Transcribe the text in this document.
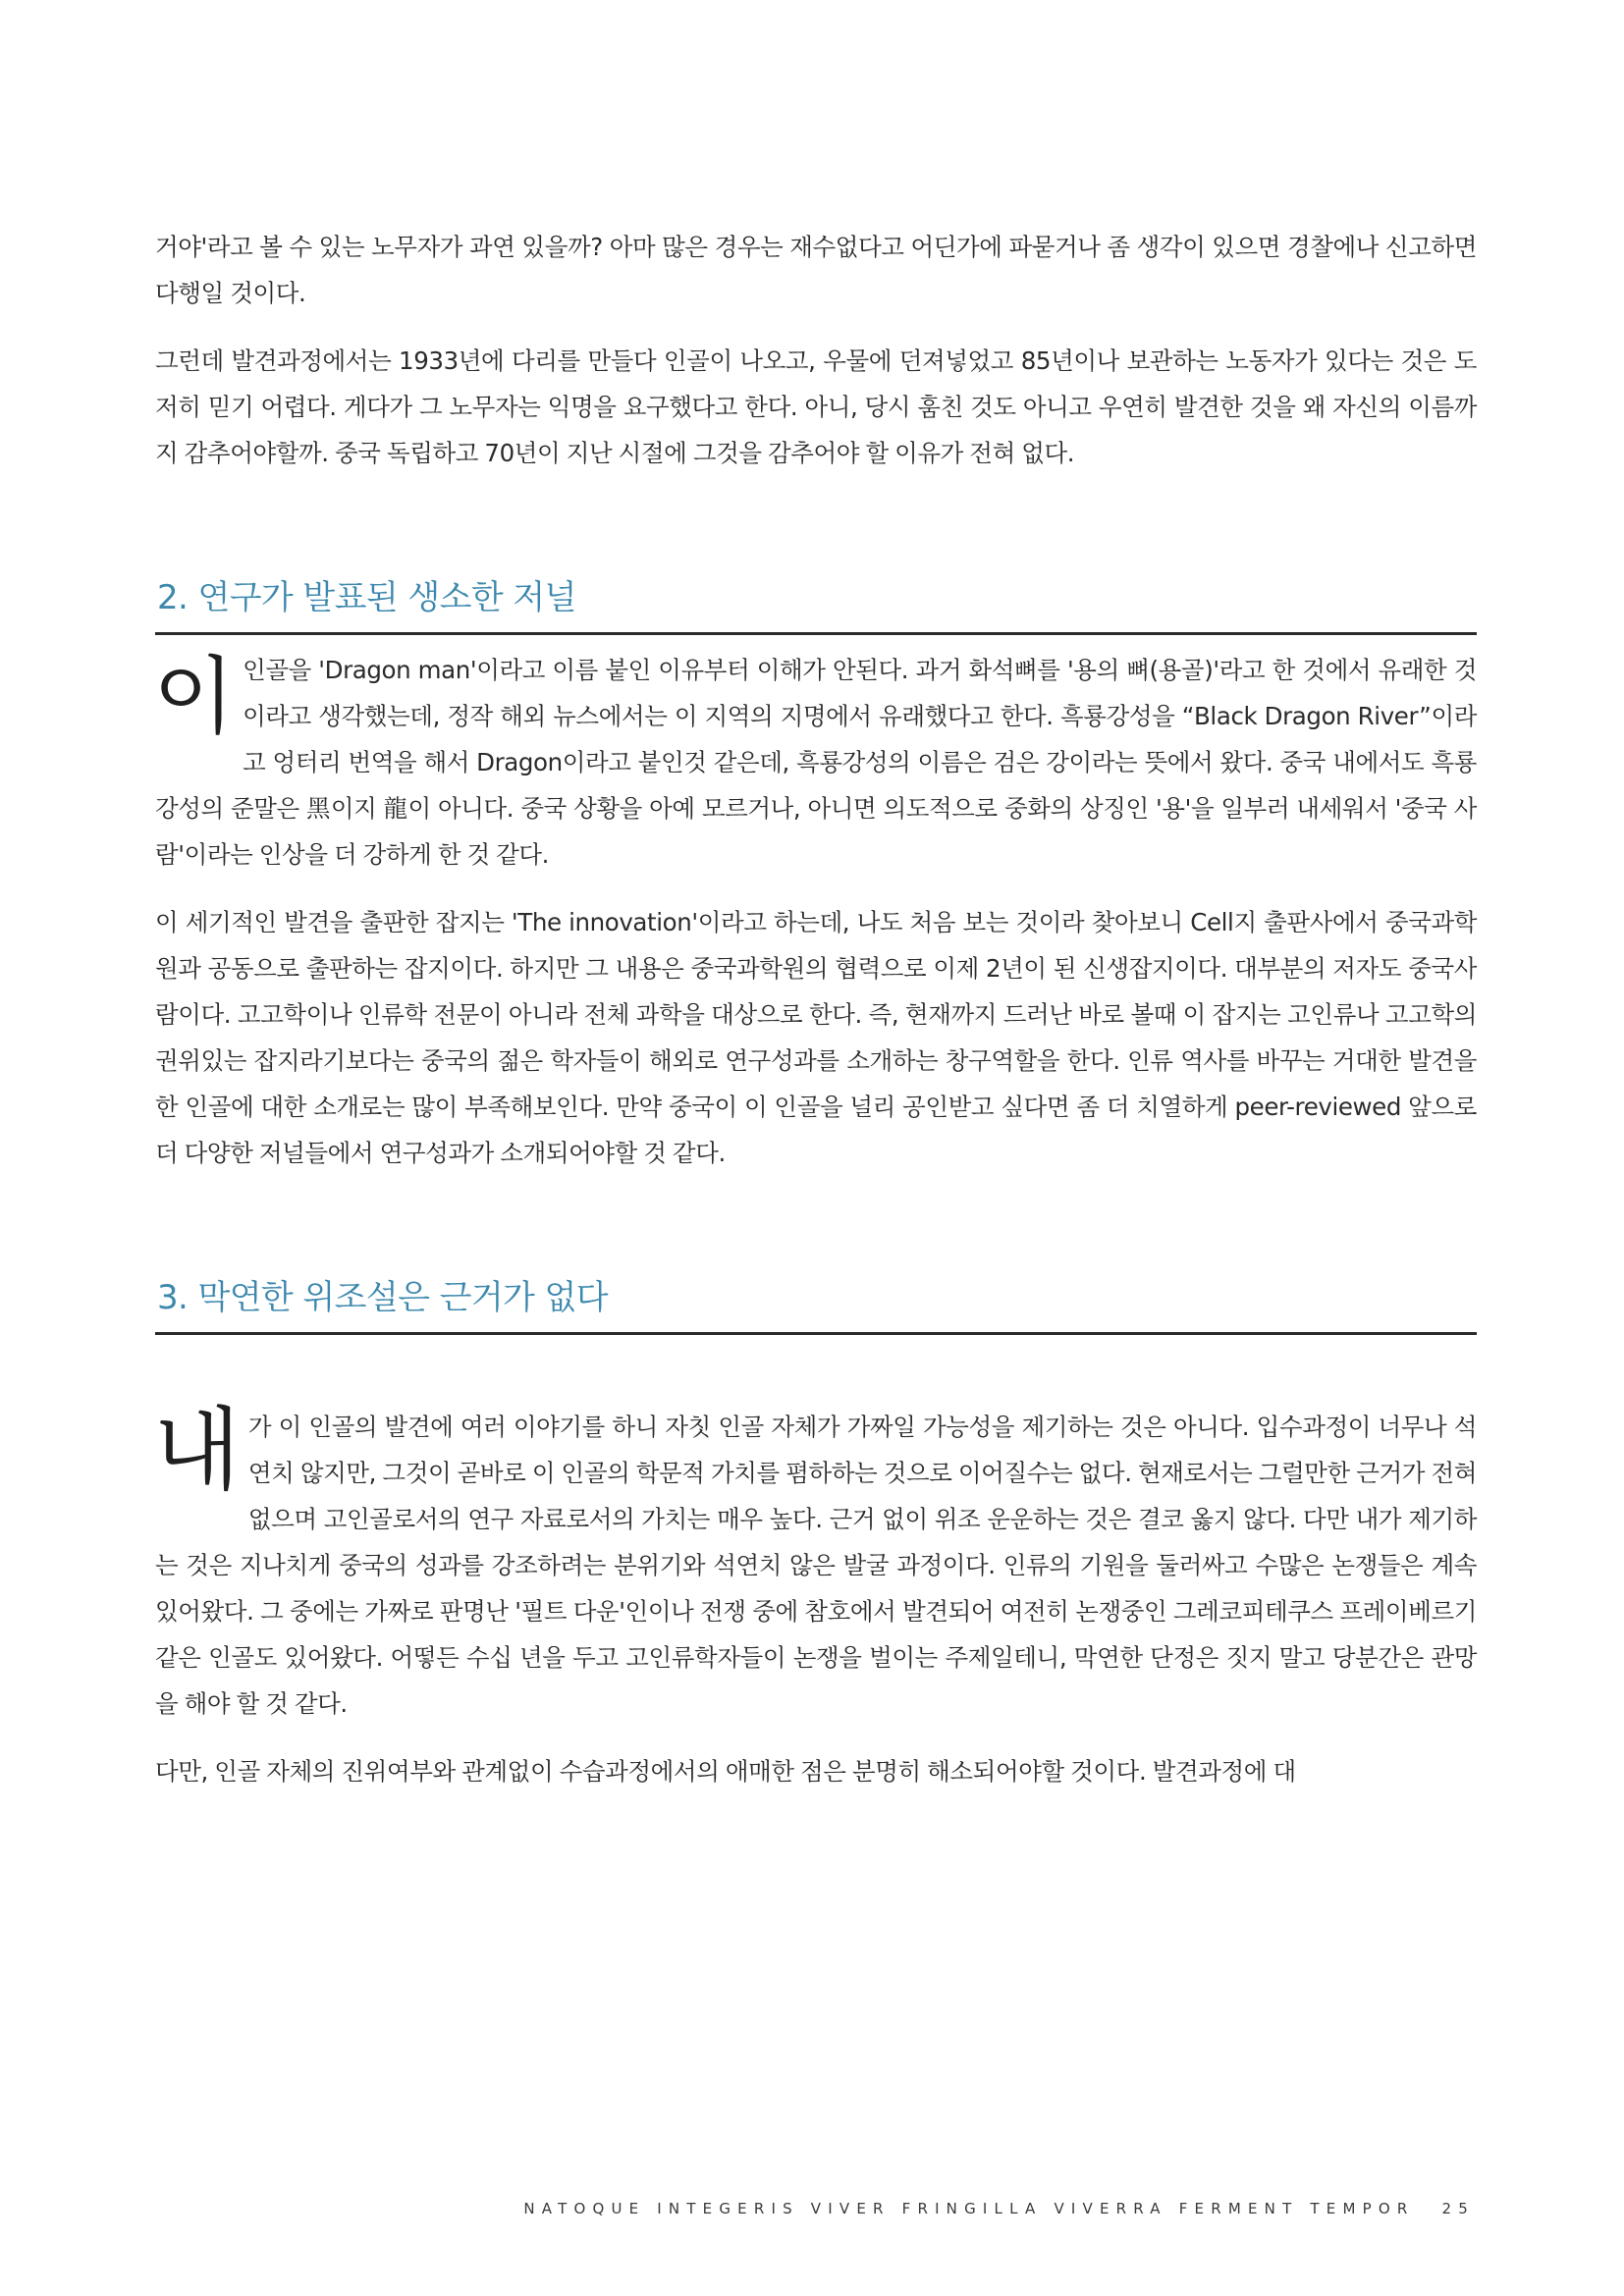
거야'라고 볼 수 있는 노무자가 과연 있을까? 아마 많은 경우는 재수없다고 어딘가에 파묻거나 좀 생각이 있으면 경찰에나 신고하면 다행일 것이다.

그런데 발견과정에서는 1933년에 다리를 만들다 인골이 나오고, 우물에 던져넣었고 85년이나 보관하는 노동자가 있다는 것은 도저히 믿기 어렵다. 게다가 그 노무자는 익명을 요구했다고 한다. 아니, 당시 훔친 것도 아니고 우연히 발견한 것을 왜 자신의 이름까지 감추어야할까. 중국 독립하고 70년이 지난 시절에 그것을 감추어야 할 이유가 전혀 없다.

2. 연구가 발표된 생소한 저널

이 인골을 'Dragon man'이라고 이름 붙인 이유부터 이해가 안된다. 과거 화석뼈를 '용의 뼈(용골)'라고 한 것에서 유래한 것이라고 생각했는데, 정작 해외 뉴스에서는 이 지역의 지명에서 유래했다고 한다. 흑룡강성을 “Black Dragon River”이라고 엉터리 번역을 해서 Dragon이라고 붙인것 같은데, 흑룡강성의 이름은 검은 강이라는 뜻에서 왔다. 중국 내에서도 흑룡강성의 준말은 黑이지 龍이 아니다. 중국 상황을 아예 모르거나, 아니면 의도적으로 중화의 상징인 '용'을 일부러 내세워서 '중국 사람'이라는 인상을 더 강하게 한 것 같다.

이 세기적인 발견을 출판한 잡지는 'The innovation'이라고 하는데, 나도 처음 보는 것이라 찾아보니 Cell지 출판사에서 중국과학원과 공동으로 출판하는 잡지이다. 하지만 그 내용은 중국과학원의 협력으로 이제 2년이 된 신생잡지이다. 대부분의 저자도 중국사람이다. 고고학이나 인류학 전문이 아니라 전체 과학을 대상으로 한다. 즉, 현재까지 드러난 바로 볼때 이 잡지는 고인류나 고고학의 권위있는 잡지라기보다는 중국의 젊은 학자들이 해외로 연구성과를 소개하는 창구역할을 한다. 인류 역사를 바꾸는 거대한 발견을 한 인골에 대한 소개로는 많이 부족해보인다. 만약 중국이 이 인골을 널리 공인받고 싶다면 좀 더 치열하게 peer-reviewed 앞으로 더 다양한 저널들에서 연구성과가 소개되어야할 것 같다.

3. 막연한 위조설은 근거가 없다

내 가 이 인골의 발견에 여러 이야기를 하니 자칫 인골 자체가 가짜일 가능성을 제기하는 것은 아니다. 입수과정이 너무나 석연치 않지만, 그것이 곧바로 이 인골의 학문적 가치를 폄하하는 것으로 이어질수는 없다. 현재로서는 그럴만한 근거가 전혀 없으며 고인골로서의 연구 자료로서의 가치는 매우 높다. 근거 없이 위조 운운하는 것은 결코 옳지 않다. 다만 내가 제기하는 것은 지나치게 중국의 성과를 강조하려는 분위기와 석연치 않은 발굴 과정이다. 인류의 기원을 둘러싸고 수많은 논쟁들은 계속 있어왔다. 그 중에는 가짜로 판명난 '필트 다운'인이나 전쟁 중에 참호에서 발견되어 여전히 논쟁중인 그레코피테쿠스 프레이베르기같은 인골도 있어왔다. 어떻든 수십 년을 두고 고인류학자들이 논쟁을 벌이는 주제일테니, 막연한 단정은 짓지 말고 당분간은 관망을 해야 할 것 같다.

다만, 인골 자체의 진위여부와 관계없이 수습과정에서의 애매한 점은 분명히 해소되어야할 것이다. 발견과정에 대

NATOQUE INTEGERIS VIVER FRINGILLA VIVERRA FERMENT TEMPOR 25
